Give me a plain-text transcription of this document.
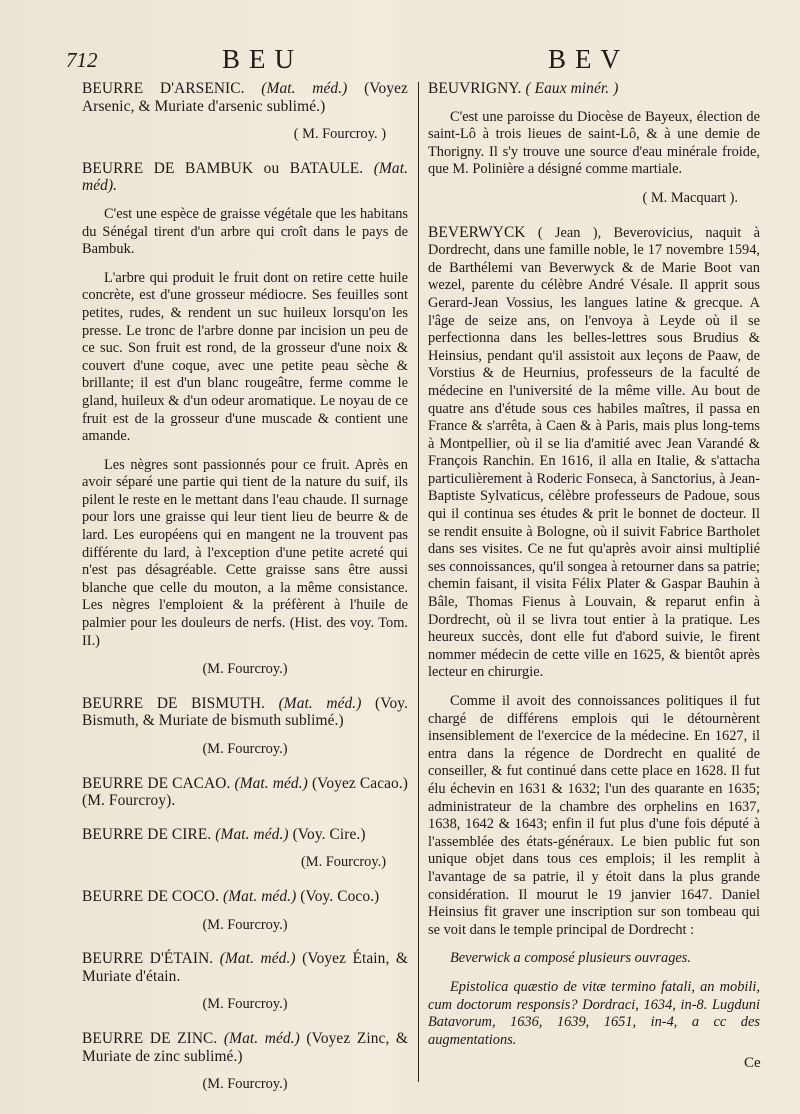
712	BEU	BEV

BEURRE D'ARSENIC. (Mat. méd.) (Voyez Arsenic, & Muriate d'arsenic sublimé.)

( M. Fourcroy. )

BEURRE DE BAMBUK ou BATAULE. (Mat. méd).

C'est une espèce de graisse végétale que les habitans du Sénégal tirent d'un arbre qui croît dans le pays de Bambuk.

L'arbre qui produit le fruit dont on retire cette huile concrète, est d'une grosseur médiocre. Ses feuilles sont petites, rudes, & rendent un suc huileux lorsqu'on les presse. Le tronc de l'arbre donne par incision un peu de ce suc. Son fruit est rond, de la grosseur d'une noix & couvert d'une coque, avec une petite peau sèche & brillante; il est d'un blanc rougeâtre, ferme comme le gland, huileux & d'un odeur aromatique. Le noyau de ce fruit est de la grosseur d'une muscade & contient une amande.

Les nègres sont passionnés pour ce fruit. Après en avoir séparé une partie qui tient de la nature du suif, ils pilent le reste en le mettant dans l'eau chaude. Il surnage pour lors une graisse qui leur tient lieu de beurre & de lard. Les européens qui en mangent ne la trouvent pas différente du lard, à l'exception d'une petite acreté qui n'est pas désagréable. Cette graisse sans être aussi blanche que celle du mouton, a la même consistance. Les nègres l'emploient & la préfèrent à l'huile de palmier pour les douleurs de nerfs. (Hist. des voy. Tom. II.)

(M. Fourcroy.)

BEURRE DE BISMUTH. (Mat. méd.) (Voy. Bismuth, & Muriate de bismuth sublimé.)

(M. Fourcroy.)

BEURRE DE CACAO. (Mat. méd.) (Voyez Cacao.) (M. Fourcroy).

BEURRE DE CIRE. (Mat. méd.) (Voy. Cire.)

(M. Fourcroy.)

BEURRE DE COCO. (Mat. méd.) (Voy. Coco.)

(M. Fourcroy.)

BEURRE D'ÉTAIN. (Mat. méd.) (Voyez Étain, & Muriate d'étain.

(M. Fourcroy.)

BEURRE DE ZINC. (Mat. méd.) (Voyez Zinc, & Muriate de zinc sublimé.)

(M. Fourcroy.)

BEUVRIGNY. ( Eaux minér. )

C'est une paroisse du Diocèse de Bayeux, élection de saint-Lô à trois lieues de saint-Lô, & à une demie de Thorigny. Il s'y trouve une source d'eau minérale froide, que M. Polinière a désigné comme martiale.

( M. Macquart ).

BEVERWYCK ( Jean ), Beverovicius, naquit à Dordrecht, dans une famille noble, le 17 novembre 1594, de Barthélemi van Beverwyck & de Marie Boot van wezel, parente du célèbre André Vésale. Il apprit sous Gerard-Jean Vossius, les langues latine & grecque. A l'âge de seize ans, on l'envoya à Leyde où il se perfectionna dans les belles-lettres sous Brudius & Heinsius, pendant qu'il assistoit aux leçons de Paaw, de Vorstius & de Heurnius, professeurs de la faculté de médecine en l'université de la même ville. Au bout de quatre ans d'étude sous ces habiles maîtres, il passa en France & s'arrêta, à Caen & à Paris, mais plus long-tems à Montpellier, où il se lia d'amitié avec Jean Varandé & François Ranchin. En 1616, il alla en Italie, & s'attacha particulièrement à Roderic Fonseca, à Sanctorius, à Jean-Baptiste Sylvaticus, célèbre professeurs de Padoue, sous qui il continua ses études & prit le bonnet de docteur. Il se rendit ensuite à Bologne, où il suivit Fabrice Bartholet dans ses visites. Ce ne fut qu'après avoir ainsi multiplié ses connoissances, qu'il songea à retourner dans sa patrie; chemin faisant, il visita Félix Plater & Gaspar Bauhin à Bâle, Thomas Fienus à Louvain, & reparut enfin à Dordrecht, où il se livra tout entier à la pratique. Les heureux succès, dont elle fut d'abord suivie, le firent nommer médecin de cette ville en 1625, & bientôt après lecteur en chirurgie.

Comme il avoit des connoissances politiques il fut chargé de différens emplois qui le détournèrent insensiblement de l'exercice de la médecine. En 1627, il entra dans la régence de Dordrecht en qualité de conseiller, & fut continué dans cette place en 1628. Il fut élu échevin en 1631 & 1632; l'un des quarante en 1635; administrateur de la chambre des orphelins en 1637, 1638, 1642 & 1643; enfin il fut plus d'une fois député à l'assemblée des états-généraux. Le bien public fut son unique objet dans tous ces emplois; il les remplit à l'avantage de sa patrie, il y étoit dans la plus grande considération. Il mourut le 19 janvier 1647. Daniel Heinsius fit graver une inscription sur son tombeau qui se voit dans le temple principal de Dordrecht :

Beverwick a composé plusieurs ouvrages.

Epistolica quæstio de vitæ termino fatali, an mobili, cum doctorum responsis? Dordraci, 1634, in-8. Lugduni Batavorum, 1636, 1639, 1651, in-4, a cc des augmentations.

Ce
